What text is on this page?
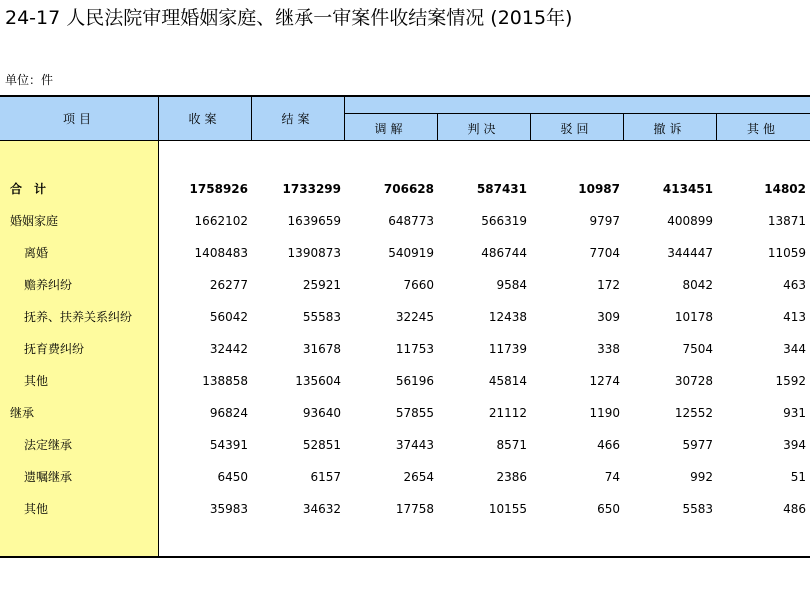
24-17 人民法院审理婚姻家庭、继承一审案件收结案情况 (2015年)
单位：件
项目	收案	结案
调解	判决	驳回	撤诉	其他
合　计	1758926	1733299	706628	587431	10987	413451	14802
婚姻家庭	1662102	1639659	648773	566319	9797	400899	13871
离婚	1408483	1390873	540919	486744	7704	344447	11059
赡养纠纷	26277	25921	7660	9584	172	8042	463
抚养、扶养关系纠纷	56042	55583	32245	12438	309	10178	413
抚育费纠纷	32442	31678	11753	11739	338	7504	344
其他	138858	135604	56196	45814	1274	30728	1592
继承	96824	93640	57855	21112	1190	12552	931
法定继承	54391	52851	37443	8571	466	5977	394
遗嘱继承	6450	6157	2654	2386	74	992	51
其他	35983	34632	17758	10155	650	5583	486
